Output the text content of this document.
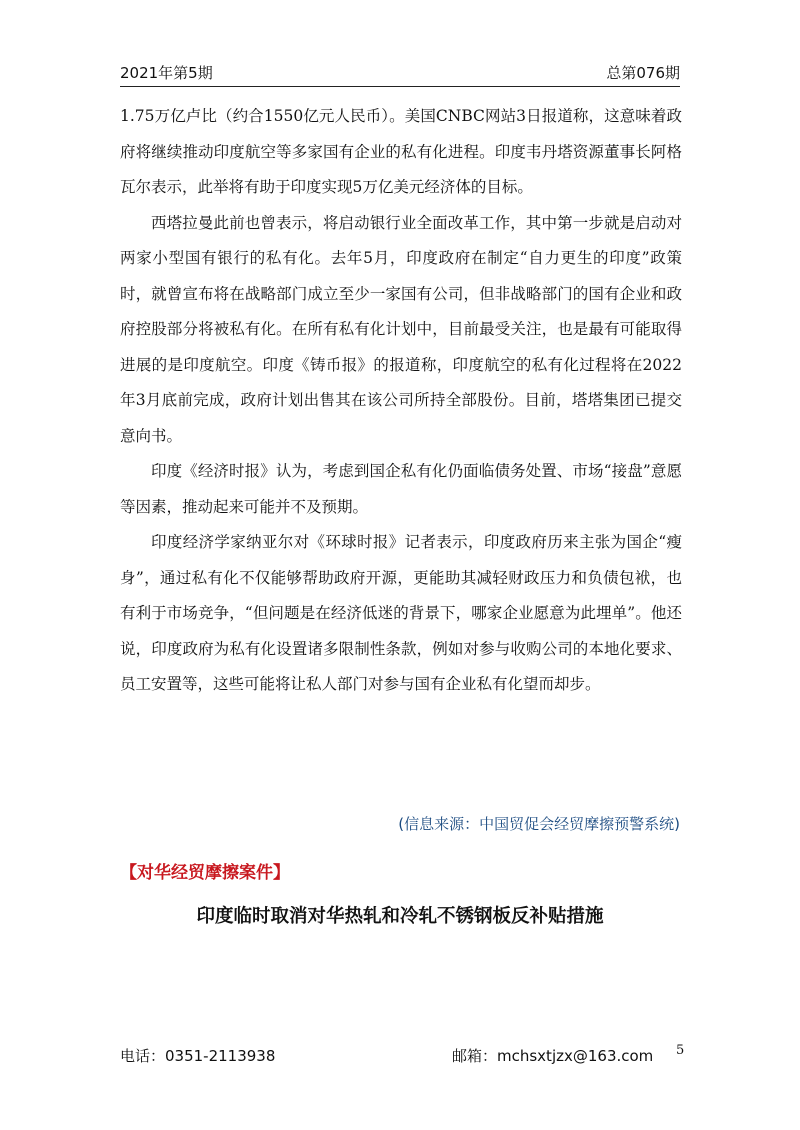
2021年第5期	总第076期

1.75万亿卢比（约合1550亿元人民币）。美国CNBC网站3日报道称，这意味着政府将继续推动印度航空等多家国有企业的私有化进程。印度韦丹塔资源董事长阿格瓦尔表示，此举将有助于印度实现5万亿美元经济体的目标。

西塔拉曼此前也曾表示，将启动银行业全面改革工作，其中第一步就是启动对两家小型国有银行的私有化。去年5月，印度政府在制定“自力更生的印度”政策时，就曾宣布将在战略部门成立至少一家国有公司，但非战略部门的国有企业和政府控股部分将被私有化。在所有私有化计划中，目前最受关注，也是最有可能取得进展的是印度航空。印度《铸币报》的报道称，印度航空的私有化过程将在2022年3月底前完成，政府计划出售其在该公司所持全部股份。目前，塔塔集团已提交意向书。

印度《经济时报》认为，考虑到国企私有化仍面临债务处置、市场“接盘”意愿等因素，推动起来可能并不及预期。

印度经济学家纳亚尔对《环球时报》记者表示，印度政府历来主张为国企“瘦身”，通过私有化不仅能够帮助政府开源，更能助其减轻财政压力和负债包袱，也有利于市场竞争，“但问题是在经济低迷的背景下，哪家企业愿意为此埋单”。他还说，印度政府为私有化设置诸多限制性条款，例如对参与收购公司的本地化要求、员工安置等，这些可能将让私人部门对参与国有企业私有化望而却步。

(信息来源：中国贸促会经贸摩擦预警系统)
【对华经贸摩擦案件】
印度临时取消对华热轧和冷轧不锈钢板反补贴措施
电话：0351-2113938	邮箱：mchsxtjzx@163.com 5
